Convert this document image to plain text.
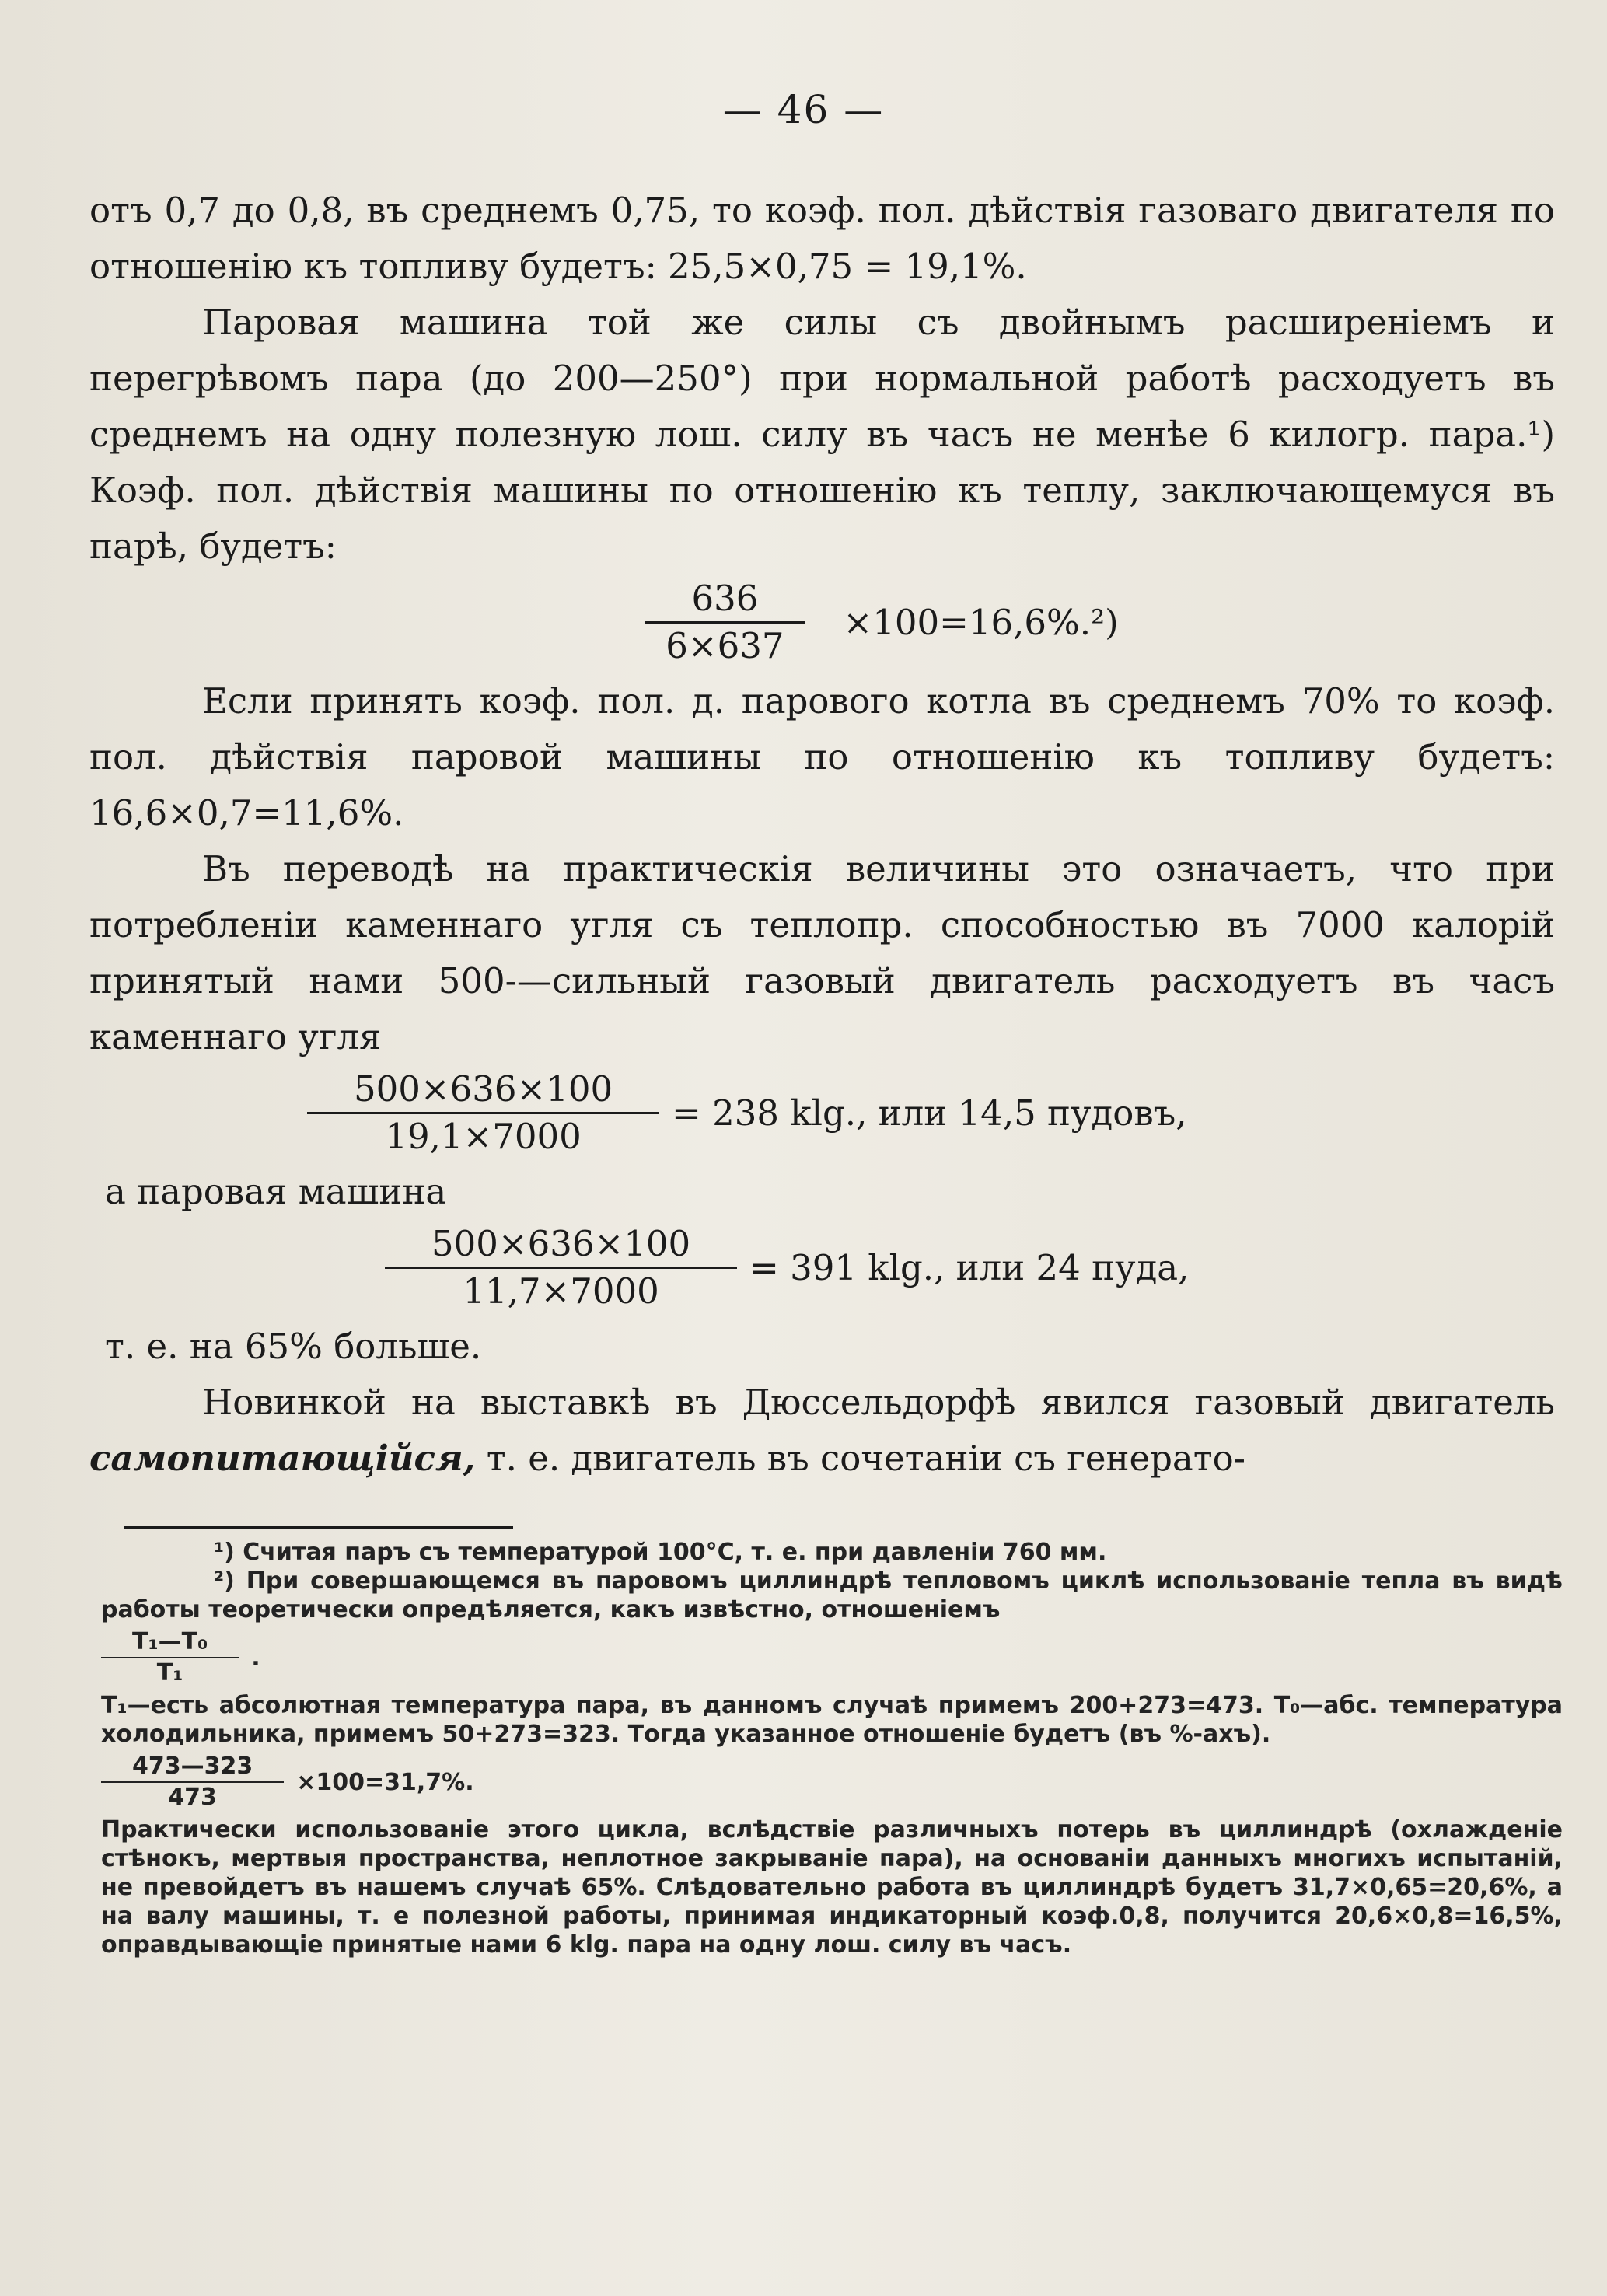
— 46 —

отъ 0,7 до 0,8, въ среднемъ 0,75, то коэф. пол. дѣйствія газоваго двигателя по отношенію къ топливу будетъ: 25,5×0,75 = 19,1%.

Паровая машина той же силы съ двойнымъ расширеніемъ и перегрѣвомъ пара (до 200—250°) при нормальной работѣ расходуетъ въ среднемъ на одну полезную лош. силу въ часъ не менѣе 6 килогр. пара.¹) Коэф. пол. дѣйствія машины по отношенію къ теплу, заключающемуся въ парѣ, будетъ:

$\frac{636}{6\times 637} \times 100=16,6\%.^2$)

Если принять коэф. пол. д. парового котла въ среднемъ 70% то коэф. пол. дѣйствія паровой машины по отношенію къ топливу будетъ: 16,6×0,7=11,6%.

Въ переводѣ на практическія величины это означаетъ, что при потребленіи каменнаго угля съ теплопр. способностью въ 7000 калорій принятый нами 500-—сильный газовый двигатель расходуетъ въ часъ каменнаго угля

$\frac{500\times 636\times 100}{19,1\times 7000} = 238$ klg., или 14,5 пудовъ,

а паровая машина

$\frac{500\times 636\times 100}{11,7\times 7000} = 391$ klg., или 24 пуда,

т. е. на 65% больше.

Новинкой на выставкѣ въ Дюссельдорфѣ явился газовый двигатель самопитающійся, т. е. двигатель въ сочетаніи съ генерато-

¹) Считая паръ съ температурой 100°С, т. е. при давленіи 760 мм.

²) При совершающемся въ паровомъ циллиндрѣ тепловомъ циклѣ использованіе тепла въ видѣ работы теоретически опредѣляется, какъ извѣстно, отношеніемъ

$\frac{\text{T₁—T₀}}{\text{T₁}}$ .

T₁—есть абсолютная температура пара, въ данномъ случаѣ примемъ 200+273=473. T₀—абс. температура холодильника, примемъ 50+273=323. Тогда указанное отношеніе будетъ (въ %-ахъ).

$\frac{473—323}{473} \times 100=31,7\%$.

Практически использованіе этого цикла, вслѣдствіе различныхъ потерь въ циллиндрѣ (охлажденіе стѣнокъ, мертвыя пространства, неплотное закрываніе пара), на основаніи данныхъ многихъ испытаній, не превойдетъ въ нашемъ случаѣ 65%. Слѣдовательно работа въ циллиндрѣ будетъ 31,7×0,65=20,6%, а на валу машины, т. е полезной работы, принимая индикаторный коэф.0,8, получится 20,6×0,8=16,5%, оправдывающіе принятые нами 6 klg. пара на одну лош. силу въ часъ.
